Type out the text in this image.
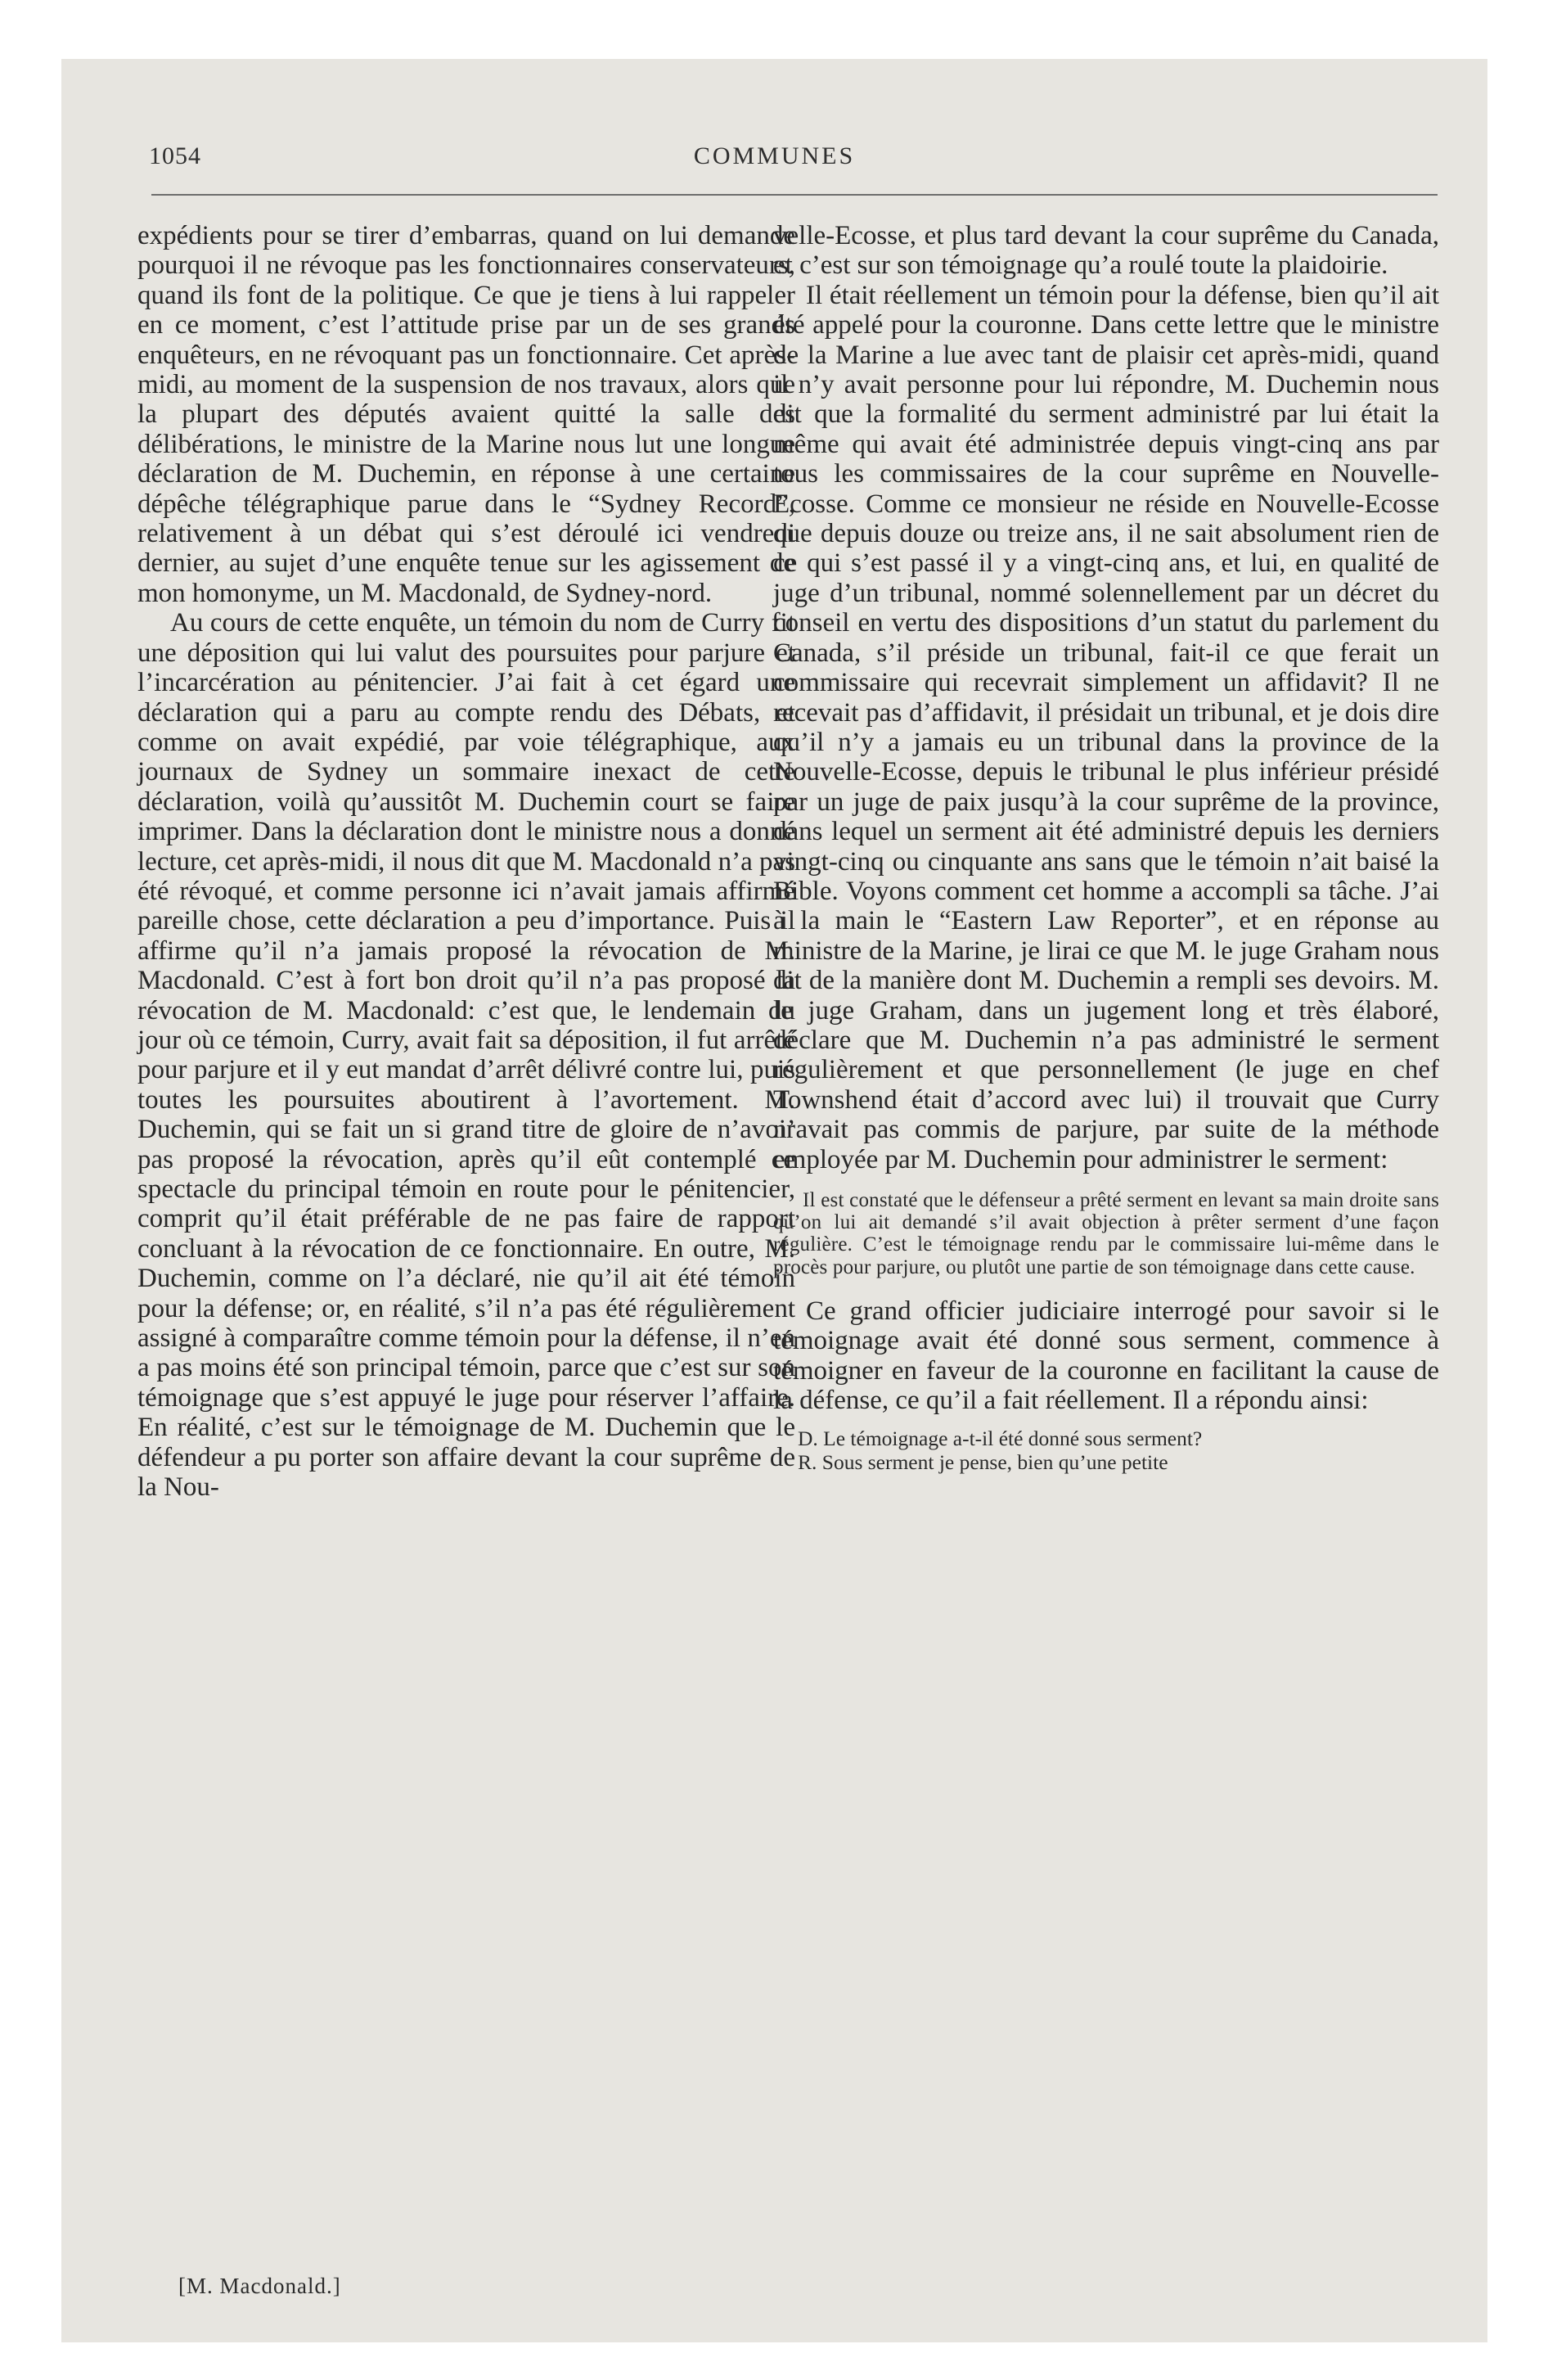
1054	COMMUNES

expédients pour se tirer d’embarras, quand on lui demande pourquoi il ne révoque pas les fonctionnaires conservateurs, quand ils font de la politique. Ce que je tiens à lui rappeler en ce moment, c’est l’attitude prise par un de ses grands enquêteurs, en ne révoquant pas un fonctionnaire. Cet après-midi, au moment de la suspension de nos travaux, alors que la plupart des députés avaient quitté la salle des délibérations, le ministre de la Marine nous lut une longue déclaration de M. Duchemin, en réponse à une certaine dépêche télégraphique parue dans le “Sydney Record”, relativement à un débat qui s’est déroulé ici vendredi dernier, au sujet d’une enquête tenue sur les agissement de mon homonyme, un M. Macdonald, de Sydney-nord.

Au cours de cette enquête, un témoin du nom de Curry fit une déposition qui lui valut des poursuites pour parjure et l’incarcération au pénitencier. J’ai fait à cet égard une déclaration qui a paru au compte rendu des Débats, et comme on avait expédié, par voie télégraphique, aux journaux de Sydney un sommaire inexact de cette déclaration, voilà qu’aussitôt M. Duchemin court se faire imprimer. Dans la déclaration dont le ministre nous a donné lecture, cet après-midi, il nous dit que M. Macdonald n’a pas été révoqué, et comme personne ici n’avait jamais affirmé pareille chose, cette déclaration a peu d’importance. Puis il affirme qu’il n’a jamais proposé la révocation de M. Macdonald. C’est à fort bon droit qu’il n’a pas proposé la révocation de M. Macdonald: c’est que, le lendemain du jour où ce témoin, Curry, avait fait sa déposition, il fut arrêté pour parjure et il y eut mandat d’arrêt délivré contre lui, puis toutes les poursuites aboutirent à l’avortement. M. Duchemin, qui se fait un si grand titre de gloire de n’avoir pas proposé la révocation, après qu’il eût contemplé ce spectacle du principal témoin en route pour le pénitencier, comprit qu’il était préférable de ne pas faire de rapport concluant à la révocation de ce fonctionnaire. En outre, M. Duchemin, comme on l’a déclaré, nie qu’il ait été témoin pour la défense; or, en réalité, s’il n’a pas été régulièrement assigné à comparaître comme témoin pour la défense, il n’en a pas moins été son principal témoin, parce que c’est sur son témoignage que s’est appuyé le juge pour réserver l’affaire. En réalité, c’est sur le témoignage de M. Duchemin que le défendeur a pu porter son affaire devant la cour suprême de la Nou-

velle-Ecosse, et plus tard devant la cour suprême du Canada, et c’est sur son témoignage qu’a roulé toute la plaidoirie.

Il était réellement un témoin pour la défense, bien qu’il ait été appelé pour la couronne. Dans cette lettre que le ministre de la Marine a lue avec tant de plaisir cet après-midi, quand il n’y avait personne pour lui répondre, M. Duchemin nous dit que la formalité du serment administré par lui était la même qui avait été administrée depuis vingt-cinq ans par tous les commissaires de la cour suprême en Nouvelle-Ecosse. Comme ce monsieur ne réside en Nouvelle-Ecosse que depuis douze ou treize ans, il ne sait absolument rien de ce qui s’est passé il y a vingt-cinq ans, et lui, en qualité de juge d’un tribunal, nommé solennellement par un décret du conseil en vertu des dispositions d’un statut du parlement du Canada, s’il préside un tribunal, fait-il ce que ferait un commissaire qui recevrait simplement un affidavit? Il ne recevait pas d’affidavit, il présidait un tribunal, et je dois dire qu’il n’y a jamais eu un tribunal dans la province de la Nouvelle-Ecosse, depuis le tribunal le plus inférieur présidé par un juge de paix jusqu’à la cour suprême de la province, dans lequel un serment ait été administré depuis les derniers vingt-cinq ou cinquante ans sans que le témoin n’ait baisé la Bible. Voyons comment cet homme a accompli sa tâche. J’ai à la main le “Eastern Law Reporter”, et en réponse au ministre de la Marine, je lirai ce que M. le juge Graham nous dit de la manière dont M. Duchemin a rempli ses devoirs. M. le juge Graham, dans un jugement long et très élaboré, déclare que M. Duchemin n’a pas administré le serment régulièrement et que personnellement (le juge en chef Townshend était d’accord avec lui) il trouvait que Curry n’avait pas commis de parjure, par suite de la méthode employée par M. Duchemin pour administrer le serment:

Il est constaté que le défenseur a prêté serment en levant sa main droite sans qu’on lui ait demandé s’il avait objection à prêter serment d’une façon régulière. C’est le témoignage rendu par le commissaire lui-même dans le procès pour parjure, ou plutôt une partie de son témoignage dans cette cause.

Ce grand officier judiciaire interrogé pour savoir si le témoignage avait été donné sous serment, commence à témoigner en faveur de la couronne en facilitant la cause de la défense, ce qu’il a fait réellement. Il a répondu ainsi:

D. Le témoignage a-t-il été donné sous serment?
R. Sous serment je pense, bien qu’une petite
[M. Macdonald.]
